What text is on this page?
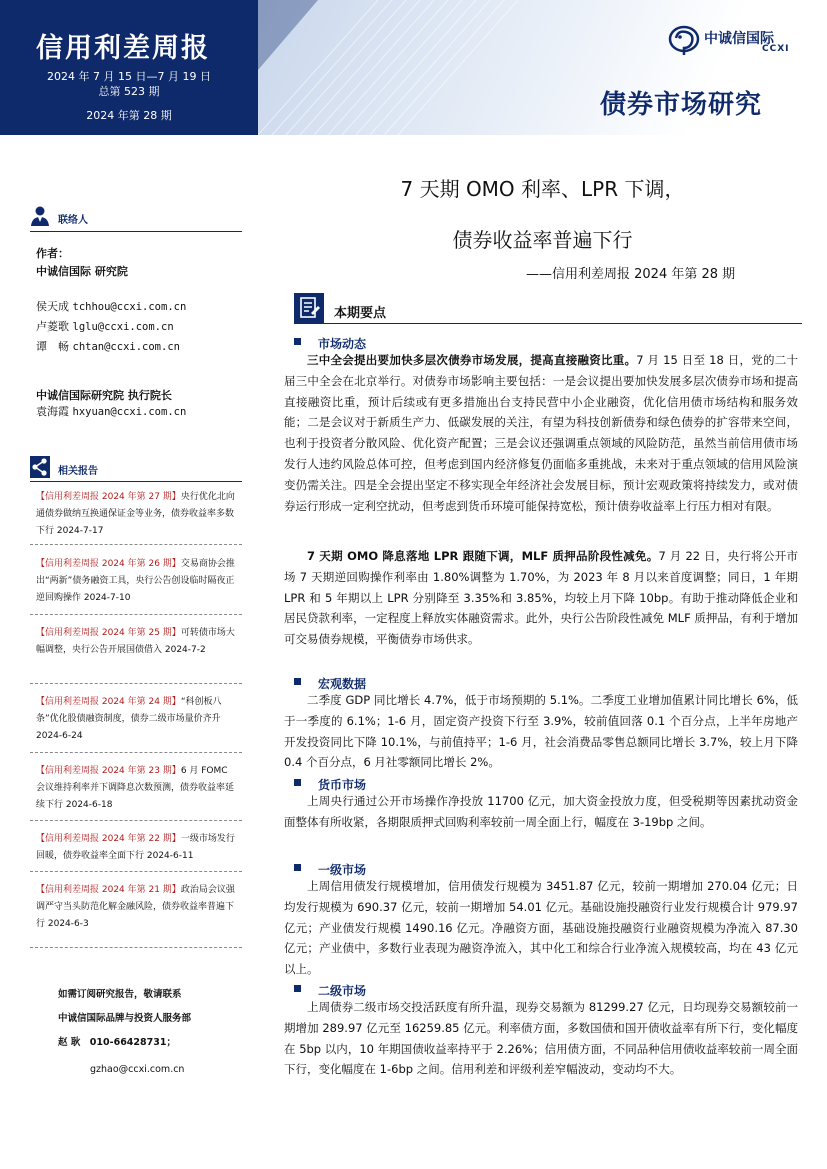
信用利差周报
2024 年 7 月 15 日—7 月 19 日
总第 523 期
2024 年第 28 期
中诚信国际
CCXI
债券市场研究
联络人
作者：
中诚信国际 研究院
侯天成 tchhou@ccxi.com.cn
卢菱歌 lglu@ccxi.com.cn
谭　畅 chtan@ccxi.com.cn
中诚信国际研究院 执行院长
袁海霞 hxyuan@ccxi.com.cn
相关报告
【信用利差周报 2024 年第 27 期】央行优化北向通债券做纳互换通保证金等业务，债券收益率多数下行 2024-7-17
【信用利差周报 2024 年第 26 期】交易商协会推出“两新”债务融资工具，央行公告创设临时隔夜正逆回购操作 2024-7-10
【信用利差周报 2024 年第 25 期】可转债市场大幅调整，央行公告开展国债借入 2024-7-2
【信用利差周报 2024 年第 24 期】“科创板八条”优化股债融资制度，债券二级市场量价齐升 2024-6-24
【信用利差周报 2024 年第 23 期】6 月 FOMC 会议维持利率并下调降息次数预测，债券收益率延续下行 2024-6-18
【信用利差周报 2024 年第 22 期】一级市场发行回暖，债券收益率全面下行 2024-6-11
【信用利差周报 2024 年第 21 期】政治局会议强调严守当头防范化解金融风险，债券收益率普遍下行 2024-6-3
如需订阅研究报告，敬请联系
中诚信国际品牌与投资人服务部
赵 耿　010-66428731；
gzhao@ccxi.com.cn
7 天期 OMO 利率、LPR 下调，
债券收益率普遍下行
——信用利差周报 2024 年第 28 期
本期要点
市场动态
三中全会提出要加快多层次债券市场发展，提高直接融资比重。7 月 15 日至 18 日，党的二十届三中全会在北京举行。对债券市场影响主要包括：一是会议提出要加快发展多层次债券市场和提高直接融资比重，预计后续或有更多措施出台支持民营中小企业融资，优化信用债市场结构和服务效能；二是会议对于新质生产力、低碳发展的关注，有望为科技创新债券和绿色债券的扩容带来空间，也利于投资者分散风险、优化资产配置；三是会议还强调重点领域的风险防范，虽然当前信用债市场发行人违约风险总体可控，但考虑到国内经济修复仍面临多重挑战，未来对于重点领域的信用风险演变仍需关注。四是全会提出坚定不移实现全年经济社会发展目标，预计宏观政策将持续发力，或对债券运行形成一定利空扰动，但考虑到货币环境可能保持宽松，预计债券收益率上行压力相对有限。
7 天期 OMO 降息落地 LPR 跟随下调，MLF 质押品阶段性减免。7 月 22 日，央行将公开市场 7 天期逆回购操作利率由 1.80%调整为 1.70%，为 2023 年 8 月以来首度调整；同日，1 年期 LPR 和 5 年期以上 LPR 分别降至 3.35%和 3.85%，均较上月下降 10bp。有助于推动降低企业和居民贷款利率，一定程度上释放实体融资需求。此外，央行公告阶段性减免 MLF 质押品，有利于增加可交易债券规模，平衡债券市场供求。
宏观数据
二季度 GDP 同比增长 4.7%，低于市场预期的 5.1%。二季度工业增加值累计同比增长 6%，低于一季度的 6.1%；1-6 月，固定资产投资下行至 3.9%，较前值回落 0.1 个百分点，上半年房地产开发投资同比下降 10.1%，与前值持平；1-6 月，社会消费品零售总额同比增长 3.7%，较上月下降 0.4 个百分点，6 月社零额同比增长 2%。
货币市场
上周央行通过公开市场操作净投放 11700 亿元，加大资金投放力度，但受税期等因素扰动资金面整体有所收紧，各期限质押式回购利率较前一周全面上行，幅度在 3-19bp 之间。
一级市场
上周信用债发行规模增加，信用债发行规模为 3451.87 亿元，较前一期增加 270.04 亿元；日均发行规模为 690.37 亿元，较前一期增加 54.01 亿元。基础设施投融资行业发行规模合计 979.97 亿元；产业债发行规模 1490.16 亿元。净融资方面，基础设施投融资行业融资规模为净流入 87.30 亿元；产业债中，多数行业表现为融资净流入，其中化工和综合行业净流入规模较高，均在 43 亿元以上。
二级市场
上周债券二级市场交投活跃度有所升温，现券交易额为 81299.27 亿元，日均现券交易额较前一期增加 289.97 亿元至 16259.85 亿元。利率债方面，多数国债和国开债收益率有所下行，变化幅度在 5bp 以内，10 年期国债收益率持平于 2.26%；信用债方面，不同品种信用债收益率较前一周全面下行，变化幅度在 1-6bp 之间。信用利差和评级利差窄幅波动，变动均不大。
